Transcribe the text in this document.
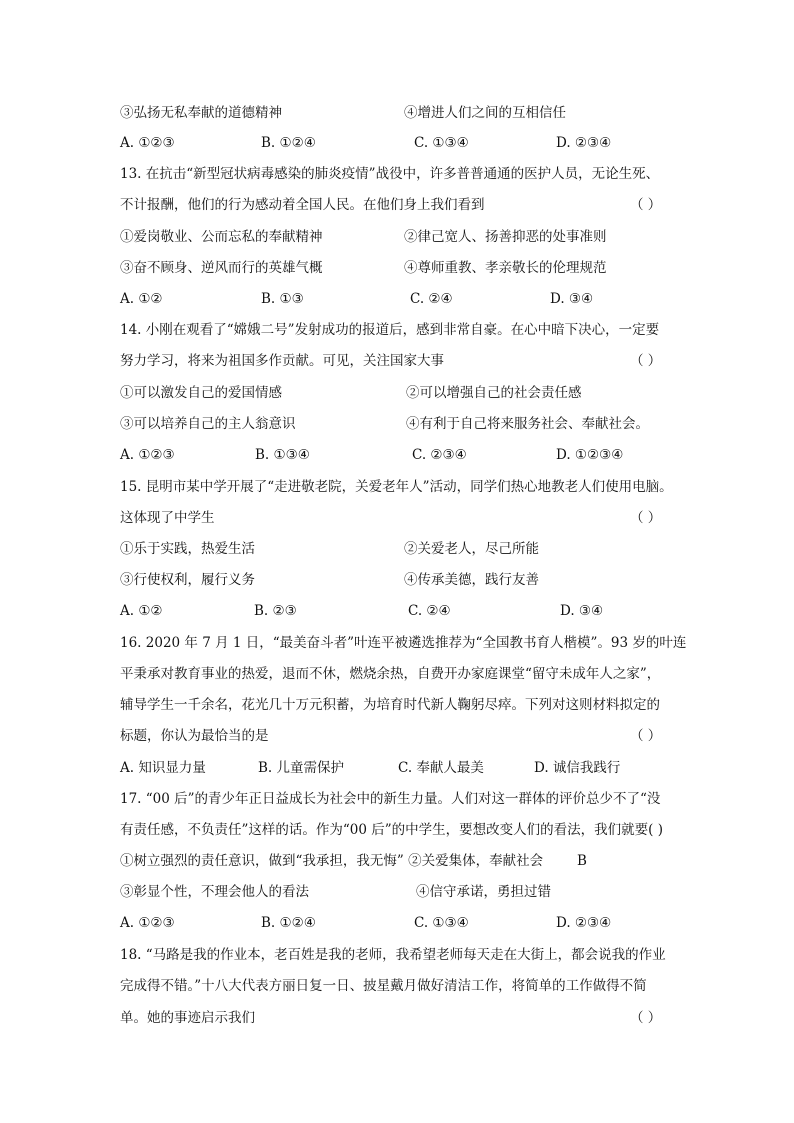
③弘扬无私奉献的道德精神	④增进人们之间的互相信任
A. ①②③	B. ①②④	C. ①③④	D. ②③④
13. 在抗击“新型冠状病毒感染的肺炎疫情”战役中，许多普普通通的医护人员，无论生死、
不计报酬，他们的行为感动着全国人民。在他们身上我们看到	（ ）
①爱岗敬业、公而忘私的奉献精神	②律己宽人、扬善抑恶的处事准则
③奋不顾身、逆风而行的英雄气概	④尊师重教、孝亲敬长的伦理规范
A. ①②	B. ①③	C. ②④	D. ③④
14. 小刚在观看了“嫦娥二号”发射成功的报道后，感到非常自豪。在心中暗下决心，一定要
努力学习，将来为祖国多作贡献。可见，关注国家大事	（ ）
①可以激发自己的爱国情感	②可以增强自己的社会责任感
③可以培养自己的主人翁意识	④有利于自己将来服务社会、奉献社会。
A. ①②③	B. ①③④	C. ②③④	D. ①②③④
15. 昆明市某中学开展了“走进敬老院，关爱老年人”活动，同学们热心地教老人们使用电脑。
这体现了中学生	（ ）
①乐于实践，热爱生活	②关爱老人，尽己所能
③行使权利，履行义务	④传承美德，践行友善
A. ①②	B. ②③	C. ②④	D. ③④
16. 2020 年 7 月 1 日，“最美奋斗者”叶连平被遴选推荐为“全国教书育人楷模”。93 岁的叶连
平秉承对教育事业的热爱，退而不休，燃烧余热，自费开办家庭课堂“留守未成年人之家”，
辅导学生一千余名，花光几十万元积蓄，为培育时代新人鞠躬尽瘁。下列对这则材料拟定的
标题，你认为最恰当的是	（ ）
A. 知识显力量	B. 儿童需保护	C. 奉献人最美	D. 诚信我践行
17. “00 后”的青少年正日益成长为社会中的新生力量。人们对这一群体的评价总少不了“没
有责任感，不负责任”这样的话。作为“00 后”的中学生，要想改变人们的看法，我们就要( )
①树立强烈的责任意识，做到“我承担，我无悔” ②关爱集体，奉献社会	B
③彰显个性，不理会他人的看法	④信守承诺，勇担过错
A. ①②③	B. ①②④	C. ①③④	D. ②③④
18. “马路是我的作业本，老百姓是我的老师，我希望老师每天走在大街上，都会说我的作业
完成得不错。”十八大代表方丽日复一日、披星戴月做好清洁工作，将简单的工作做得不简
单。她的事迹启示我们	（ ）
